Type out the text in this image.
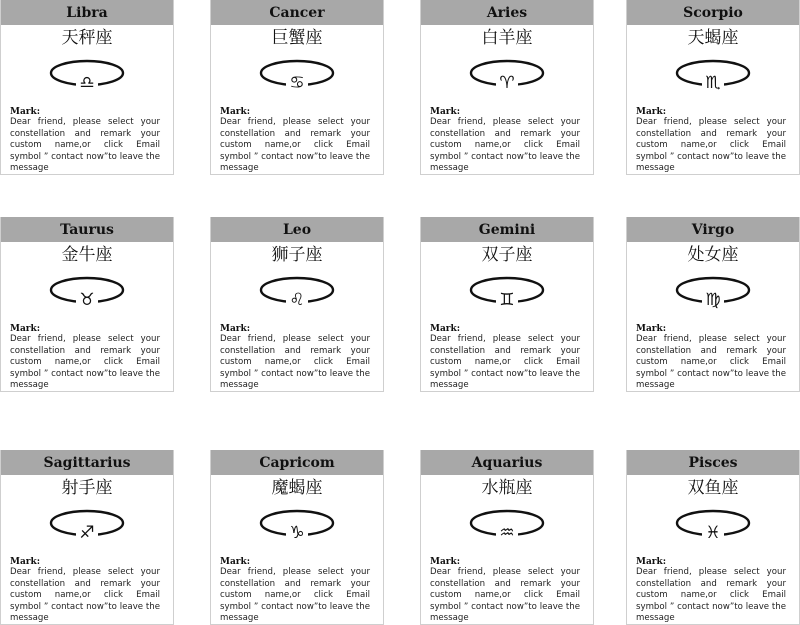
Libra
天秤座
♎︎
Mark:
Dear friend, please select your constellation and remark your custom name,or click Email symbol ” contact now”to leave the message
Cancer
巨蟹座
♋︎
Mark:
Dear friend, please select your constellation and remark your custom name,or click Email symbol ” contact now”to leave the message
Aries
白羊座
♈︎
Mark:
Dear friend, please select your constellation and remark your custom name,or click Email symbol ” contact now”to leave the message
Scorpio
天蝎座
♏︎
Mark:
Dear friend, please select your constellation and remark your custom name,or click Email symbol ” contact now”to leave the message
Taurus
金牛座
♉︎
Mark:
Dear friend, please select your constellation and remark your custom name,or click Email symbol ” contact now”to leave the message
Leo
狮子座
♌︎
Mark:
Dear friend, please select your constellation and remark your custom name,or click Email symbol ” contact now”to leave the message
Gemini
双子座
♊︎
Mark:
Dear friend, please select your constellation and remark your custom name,or click Email symbol ” contact now”to leave the message
Virgo
处女座
♍︎
Mark:
Dear friend, please select your constellation and remark your custom name,or click Email symbol ” contact now”to leave the message
Sagittarius
射手座
♐︎
Mark:
Dear friend, please select your constellation and remark your custom name,or click Email symbol ” contact now”to leave the message
Capricom
魔蝎座
♑︎
Mark:
Dear friend, please select your constellation and remark your custom name,or click Email symbol ” contact now”to leave the message
Aquarius
水瓶座
♒︎
Mark:
Dear friend, please select your constellation and remark your custom name,or click Email symbol ” contact now”to leave the message
Pisces
双鱼座
♓︎
Mark:
Dear friend, please select your constellation and remark your custom name,or click Email symbol ” contact now”to leave the message
